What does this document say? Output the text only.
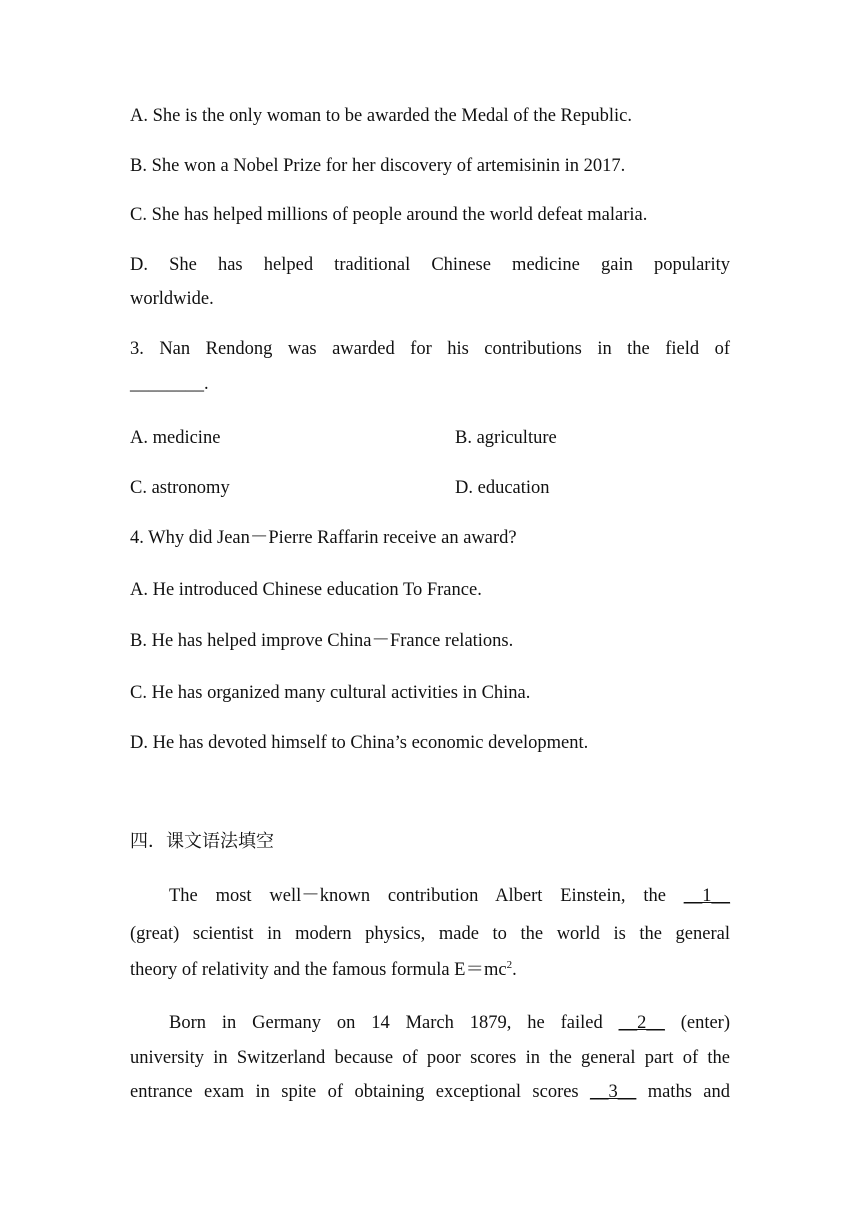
A. She is the only woman to be awarded the Medal of the Republic.
B. She won a Nobel Prize for her discovery of artemisinin in 2017.
C. She has helped millions of people around the world defeat malaria.
D. She has helped traditional Chinese medicine gain popularity
worldwide.
3. Nan Rendong was awarded for his contributions in the field of
________.
A. medicine	B. agriculture
C. astronomy	D. education
4. Why did Jean－Pierre Raffarin receive an award?
A. He introduced Chinese education To France.
B. He has helped improve China－France relations.
C. He has organized many cultural activities in China.
D. He has devoted himself to China’s economic development.
四．课文语法填空
The most well－known contribution Albert Einstein, the __1__
(great) scientist in modern physics, made to the world is the general
theory of relativity and the famous formula $E=mc^2$.
Born in Germany on 14 March 1879, he failed __2__ (enter)
university in Switzerland because of poor scores in the general part of the
entrance exam in spite of obtaining exceptional scores __3__ maths and
